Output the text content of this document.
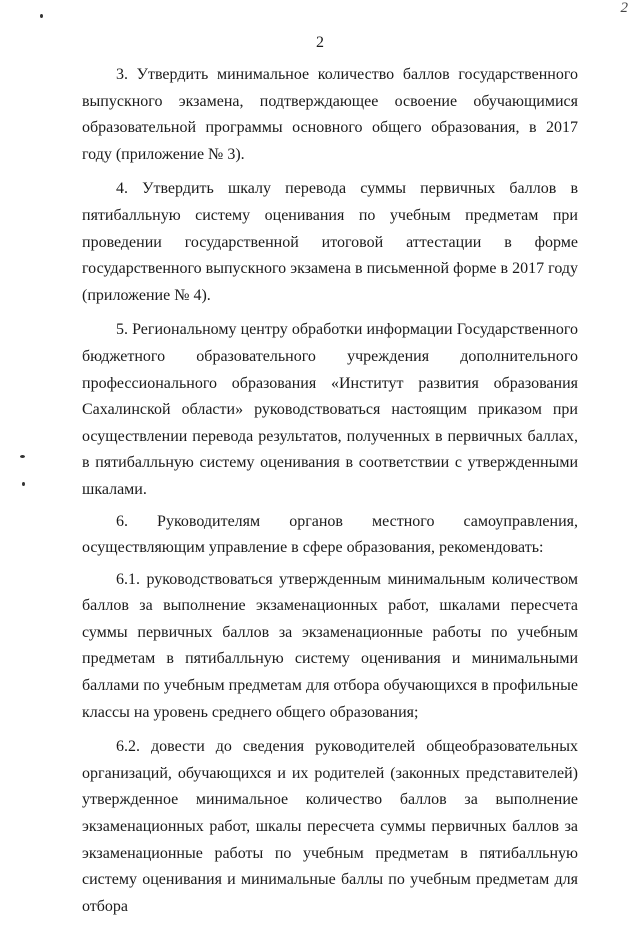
2
2

3. Утвердить минимальное количество баллов государственного выпускного экзамена, подтверждающее освоение обучающимися образовательной программы основного общего образования, в 2017 году (приложение № 3).

4. Утвердить шкалу перевода суммы первичных баллов в пятибалльную систему оценивания по учебным предметам при проведении государственной итоговой аттестации в форме государственного выпускного экзамена в письменной форме в 2017 году (приложение № 4).

5. Региональному центру обработки информации Государственного бюджетного образовательного учреждения дополнительного профессионального образования «Институт развития образования Сахалинской области» руководствоваться настоящим приказом при осуществлении перевода результатов, полученных в первичных баллах, в пятибалльную систему оценивания в соответствии с утвержденными шкалами.

6. Руководителям органов местного самоуправления, осуществляющим управление в сфере образования, рекомендовать:

6.1. руководствоваться утвержденным минимальным количеством баллов за выполнение экзаменационных работ, шкалами пересчета суммы первичных баллов за экзаменационные работы по учебным предметам в пятибалльную систему оценивания и минимальными баллами по учебным предметам для отбора обучающихся в профильные классы на уровень среднего общего образования;

6.2. довести до сведения руководителей общеобразовательных организаций, обучающихся и их родителей (законных представителей) утвержденное минимальное количество баллов за выполнение экзаменационных работ, шкалы пересчета суммы первичных баллов за экзаменационные работы по учебным предметам в пятибалльную систему оценивания и минимальные баллы по учебным предметам для отбора
